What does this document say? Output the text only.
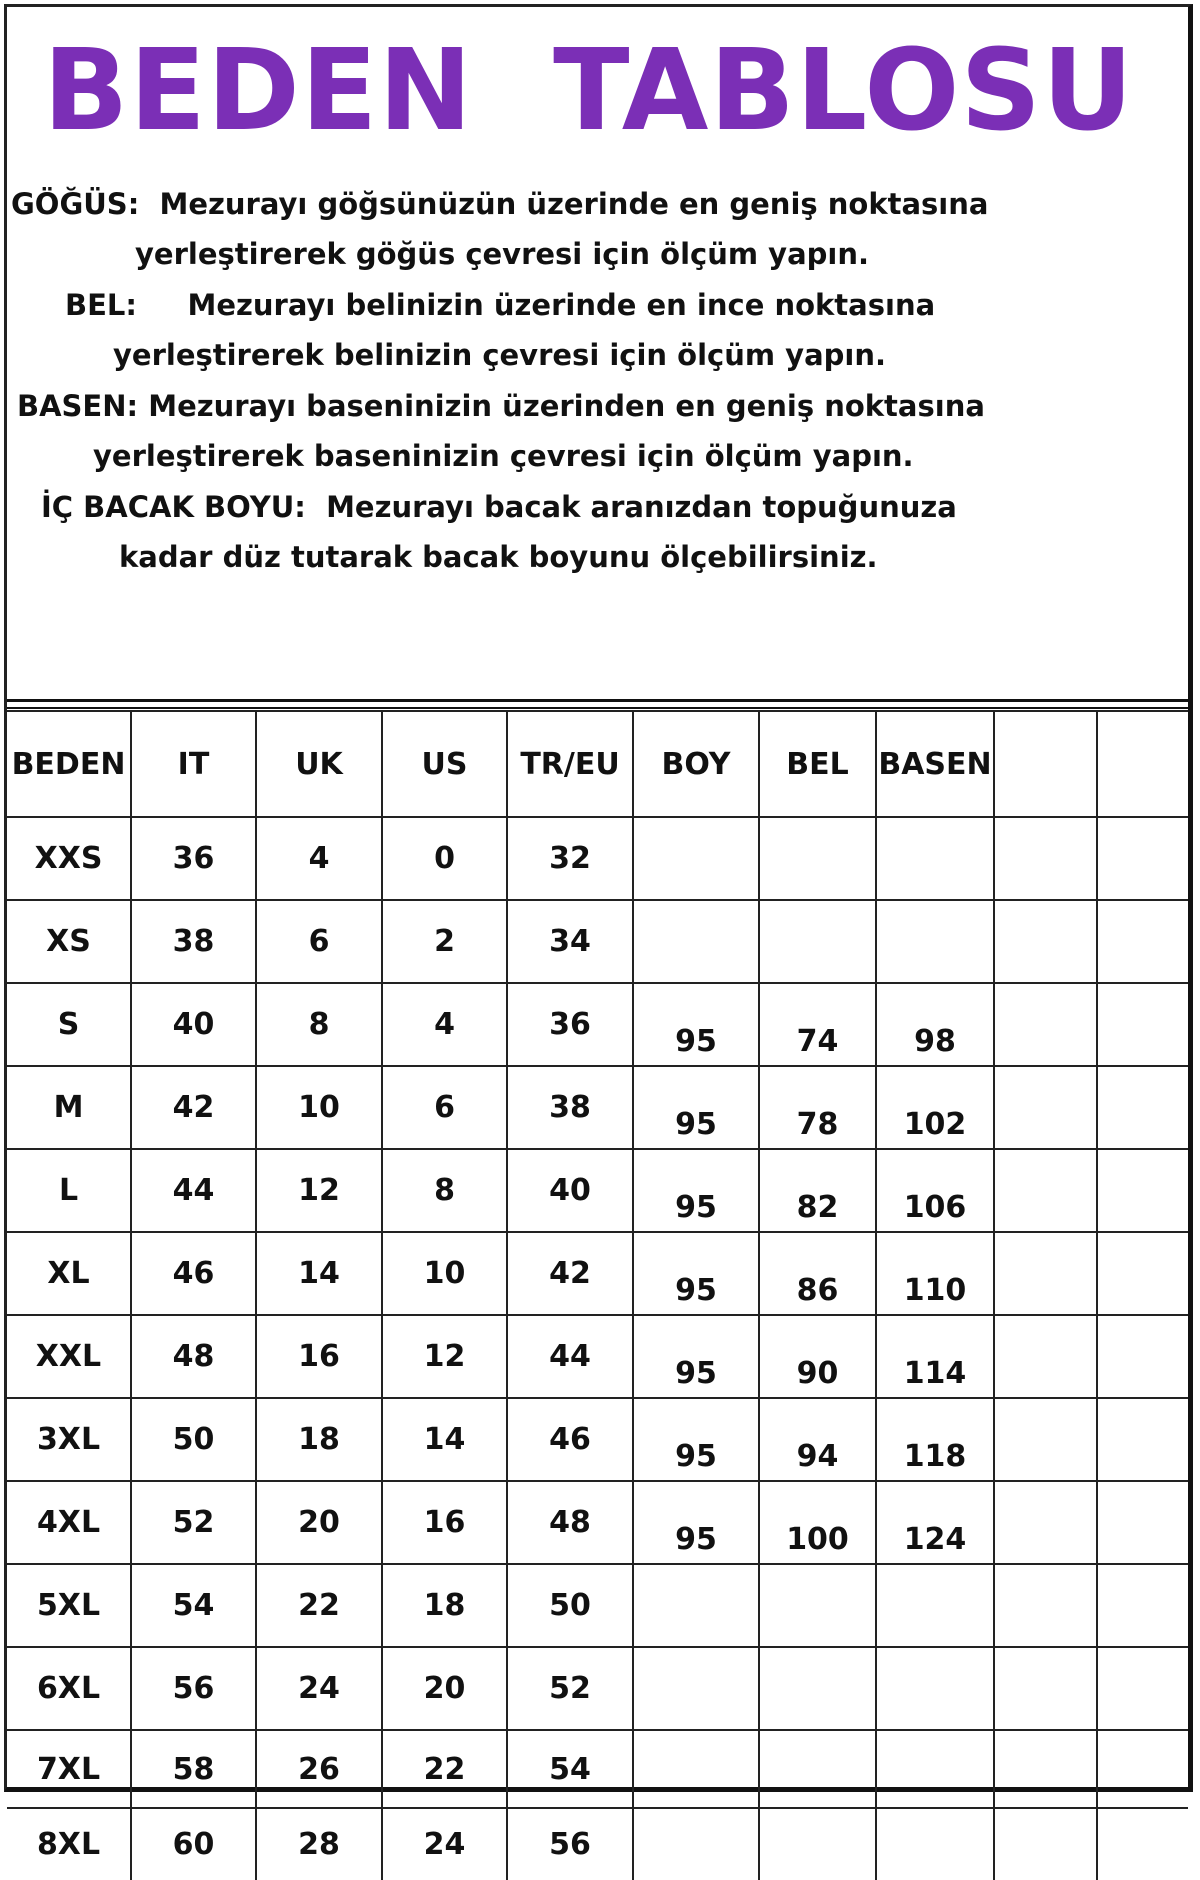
BEDEN  TABLOSU
GÖĞÜS:  Mezurayı göğsünüzün üzerinde en geniş noktasına
yerleştirerek göğüs çevresi için ölçüm yapın.
BEL:     Mezurayı belinizin üzerinde en ince noktasına
yerleştirerek belinizin çevresi için ölçüm yapın.
BASEN: Mezurayı baseninizin üzerinden en geniş noktasına
yerleştirerek baseninizin çevresi için ölçüm yapın.
İÇ BACAK BOYU:  Mezurayı bacak aranızdan topuğunuza
kadar düz tutarak bacak boyunu ölçebilirsiniz.
BEDEN	IT	UK	US	TR/EU	BOY	BEL	BASEN		
XXS	36	4	0	32					
XS	38	6	2	34					
S	40	8	4	36	95	74	98		
M	42	10	6	38	95	78	102		
L	44	12	8	40	95	82	106		
XL	46	14	10	42	95	86	110		
XXL	48	16	12	44	95	90	114		
3XL	50	18	14	46	95	94	118		
4XL	52	20	16	48	95	100	124		
5XL	54	22	18	50					
6XL	56	24	20	52					
7XL	58	26	22	54					
8XL	60	28	24	56					
